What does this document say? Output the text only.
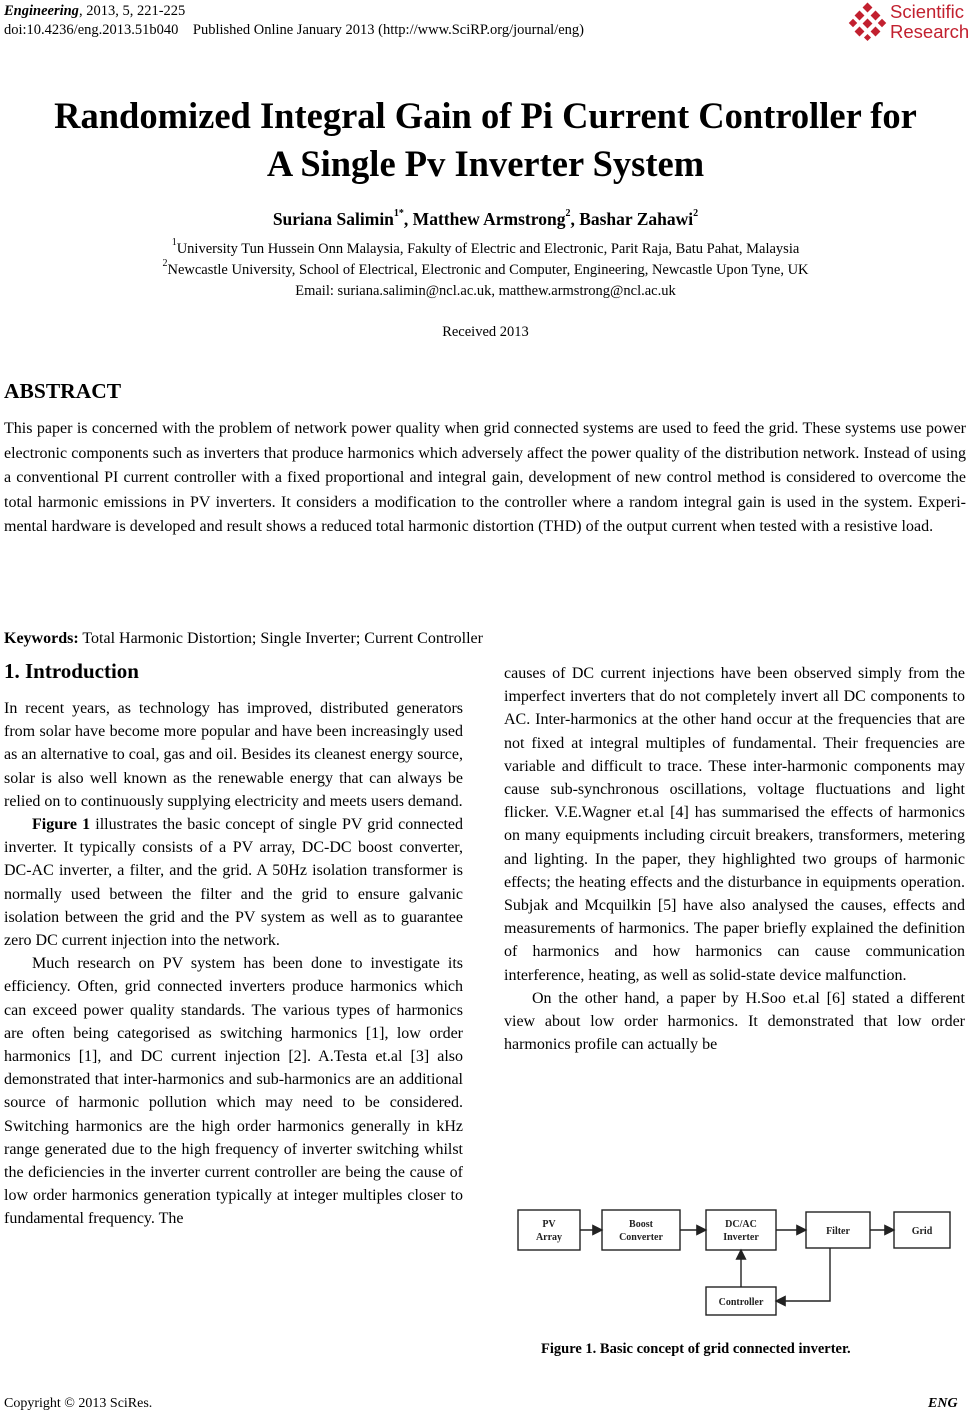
Engineering, 2013, 5, 221-225
doi:10.4236/eng.2013.51b040    Published Online January 2013 (http://www.SciRP.org/journal/eng)
Scientific
Research
Randomized Integral Gain of Pi Current Controller for
A Single Pv Inverter System
Suriana Salimin$^{1*}$, Matthew Armstrong$^2$, Bashar Zahawi$^2$
$^1$University Tun Hussein Onn Malaysia, Fakulty of Electric and Electronic, Parit Raja, Batu Pahat, Malaysia
$^2$Newcastle University, School of Electrical, Electronic and Computer, Engineering, Newcastle Upon Tyne, UK
Email: suriana.salimin@ncl.ac.uk, matthew.armstrong@ncl.ac.uk
Received 2013
ABSTRACT

This paper is concerned with the problem of network power quality when grid connected systems are used to feed the grid. These systems use power electronic components such as inverters that produce harmonics which adversely affect the power quality of the distribution network. Instead of using a conventional PI current controller with a fixed proportional and integral gain, development of new control method is considered to overcome the total harmonic emissions in PV inverters. It considers a modification to the controller where a random integral gain is used in the system. Experimental hardware is developed and result shows a reduced total harmonic distortion (THD) of the output current when tested with a resistive load.

Keywords: Total Harmonic Distortion; Single Inverter; Current Controller
1. Introduction

In recent years, as technology has improved, distributed generators from solar have become more popular and have been increasingly used as an alternative to coal, gas and oil. Besides its cleanest energy source, solar is also well known as the renewable energy that can always be relied on to continuously supplying electricity and meets users demand.

Figure 1 illustrates the basic concept of single PV grid connected inverter. It typically consists of a PV array, DC-DC boost converter, DC-AC inverter, a filter, and the grid. A 50Hz isolation transformer is normally used between the filter and the grid to ensure galvanic isolation between the grid and the PV system as well as to guarantee zero DC current injection into the network.

Much research on PV system has been done to investigate its efficiency. Often, grid connected inverters produce harmonics which can exceed power quality standards. The various types of harmonics are often being categorised as switching harmonics [1], low order harmonics [1], and DC current injection [2]. A.Testa et.al [3] also demonstrated that inter-harmonics and sub-harmonics are an additional source of harmonic pollution which may need to be considered. Switching harmonics are the high order harmonics generally in kHz range generated due to the high frequency of inverter switching whilst the deficiencies in the inverter current controller are being the cause of low order harmonics generation typically at integer multiples closer to fundamental frequency. The

causes of DC current injections have been observed simply from the imperfect inverters that do not completely invert all DC components to AC. Inter-harmonics at the other hand occur at the frequencies that are not fixed at integral multiples of fundamental. Their frequencies are variable and difficult to trace. These inter-harmonic components may cause sub-synchronous oscillations, voltage fluctuations and light flicker. V.E.Wagner et.al [4] has summarised the effects of harmonics on many equipments including circuit breakers, transformers, metering and lighting. In the paper, they highlighted two groups of harmonic effects; the heating effects and the disturbance in equipments operation. Subjak and Mcquilkin [5] have also analysed the causes, effects and measurements of harmonics. The paper briefly explained the definition of harmonics and how harmonics can cause communication interference, heating, as well as solid-state device malfunction.

On the other hand, a paper by H.Soo et.al [6] stated a different view about low order harmonics. It demonstrated that low order harmonics profile can actually be

PV
Array
Boost
Converter
DC/AC
Inverter
Filter	Grid
Controller
Figure 1. Basic concept of grid connected inverter.
Copyright © 2013 SciRes.	ENG
